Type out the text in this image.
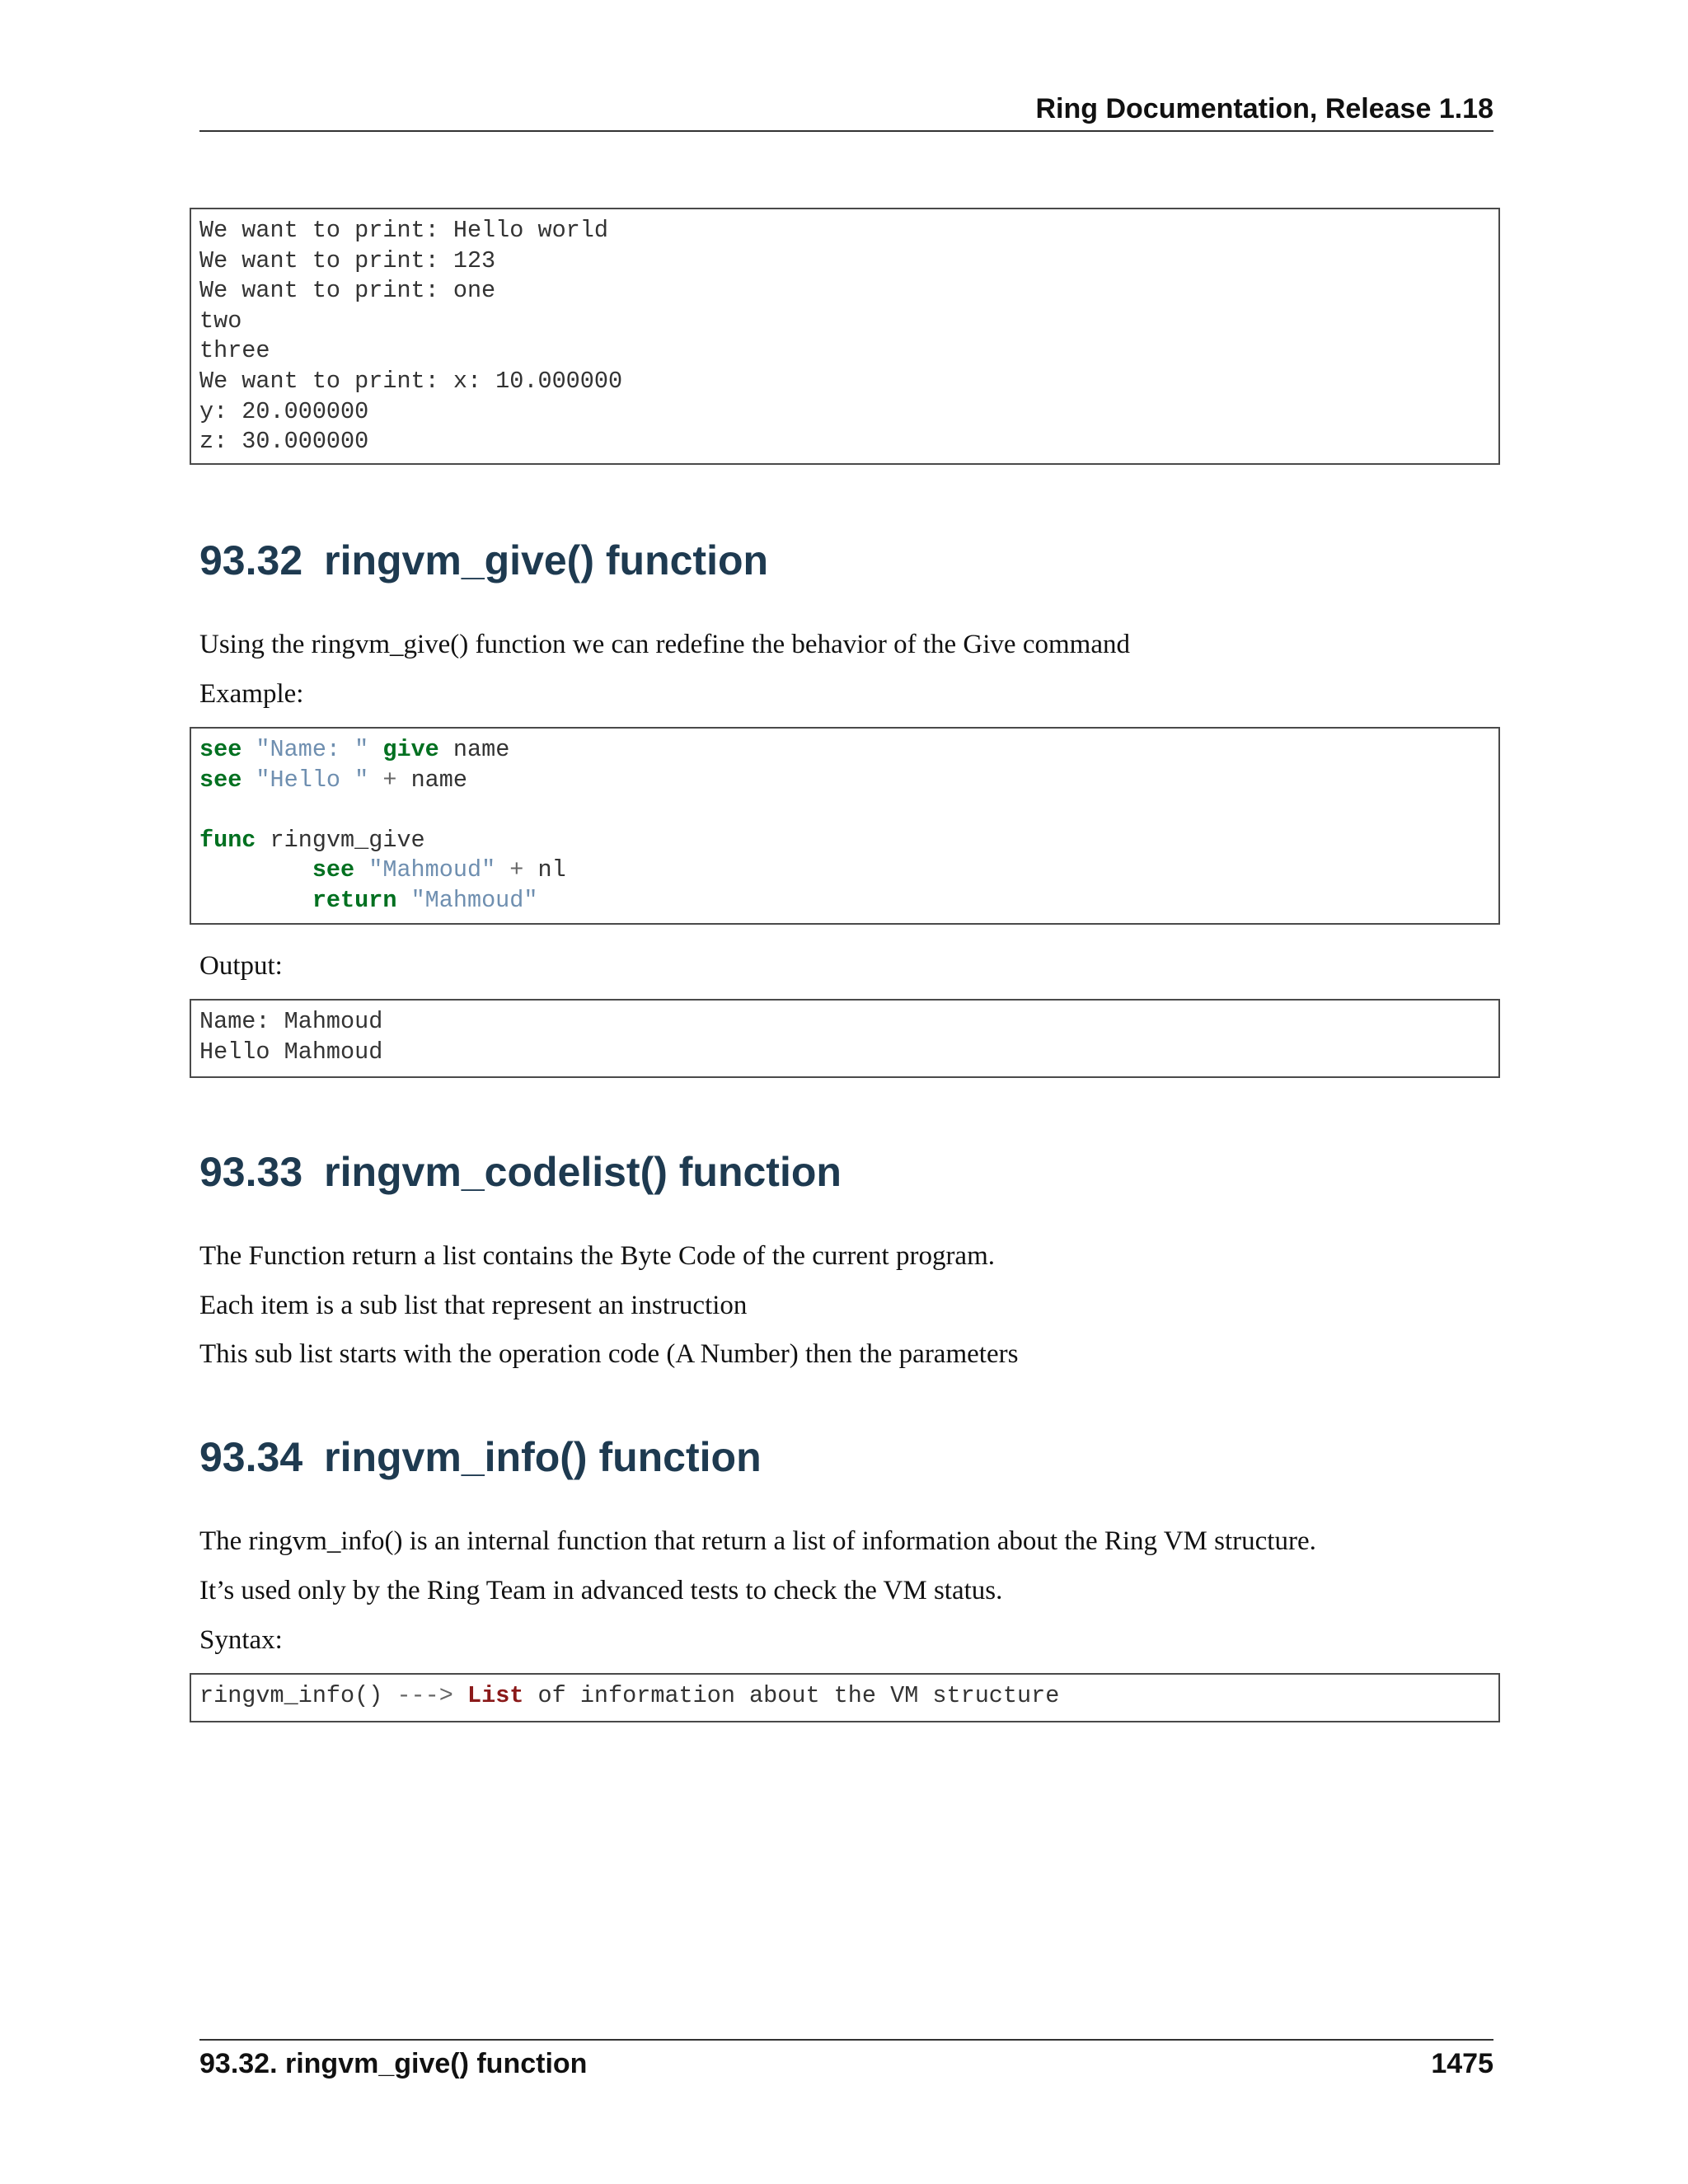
Ring Documentation, Release 1.18
We want to print: Hello world
We want to print: 123
We want to print: one
two
three
We want to print: x: 10.000000
y: 20.000000
z: 30.000000
93.32 ringvm_give() function

Using the ringvm_give() function we can redefine the behavior of the Give command

Example:

see "Name: " give name
see "Hello " + name

func ringvm_give
see "Mahmoud" + nl
return "Mahmoud"

Output:

Name: Mahmoud
Hello Mahmoud
93.33 ringvm_codelist() function

The Function return a list contains the Byte Code of the current program.

Each item is a sub list that represent an instruction

This sub list starts with the operation code (A Number) then the parameters

93.34 ringvm_info() function

The ringvm_info() is an internal function that return a list of information about the Ring VM structure.

It’s used only by the Ring Team in advanced tests to check the VM status.

Syntax:

ringvm_info() ---> List of information about the VM structure
93.32. ringvm_give() function	1475
